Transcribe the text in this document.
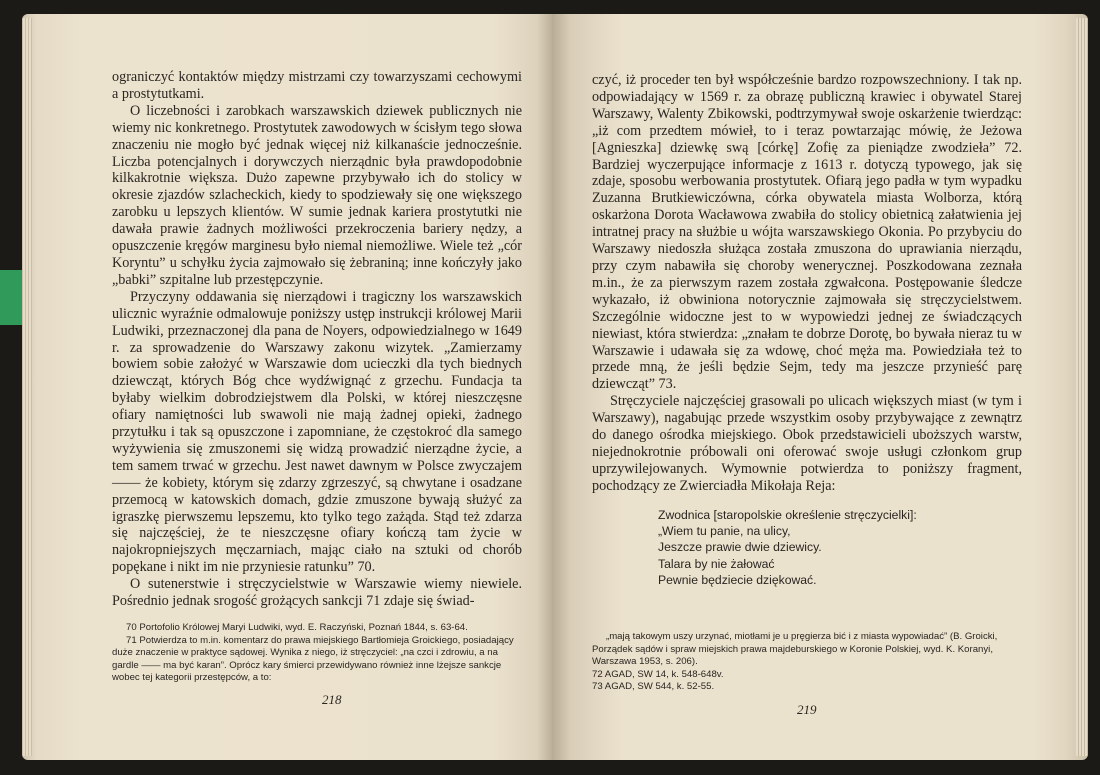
ograniczyć kontaktów między mistrzami czy towarzyszami cechowymi a prostytutkami.

O liczebności i zarobkach warszawskich dziewek publicznych nie wiemy nic konkretnego. Prostytutek zawodowych w ścisłym tego słowa znaczeniu nie mogło być jednak więcej niż kilkanaście jednocześnie. Liczba potencjalnych i dorywczych nierządnic była prawdopodobnie kilkakrotnie większa. Dużo zapewne przybywało ich do stolicy w okresie zjazdów szlacheckich, kiedy to spodziewały się one większego zarobku u lepszych klientów. W sumie jednak kariera prostytutki nie dawała prawie żadnych możliwości przekroczenia bariery nędzy, a opuszczenie kręgów marginesu było niemal niemożliwe. Wiele też „cór Koryntu” u schyłku życia zajmowało się żebraniną; inne kończyły jako „babki” szpitalne lub przestępczynie.

Przyczyny oddawania się nierządowi i tragiczny los warszawskich ulicznic wyraźnie odmalowuje poniższy ustęp instrukcji królowej Marii Ludwiki, przeznaczonej dla pana de Noyers, odpowiedzialnego w 1649 r. za sprowadzenie do Warszawy zakonu wizytek. „Zamierzamy bowiem sobie założyć w Warszawie dom ucieczki dla tych biednych dziewcząt, których Bóg chce wydźwignąć z grzechu. Fundacja ta byłaby wielkim dobrodziejstwem dla Polski, w której nieszczęsne ofiary namiętności lub swawoli nie mają żadnej opieki, żadnego przytułku i tak są opuszczone i zapomniane, że częstokroć dla samego wyżywienia się zmuszonemi się widzą prowadzić nierządne życie, a tem samem trwać w grzechu. Jest nawet dawnym w Polsce zwyczajem —— że kobiety, którym się zdarzy zgrzeszyć, są chwytane i osadzane przemocą w katowskich domach, gdzie zmuszone bywają służyć za igraszkę pierwszemu lepszemu, kto tylko tego zażąda. Stąd też zdarza się najczęściej, że te nieszczęsne ofiary kończą tam życie w najokropniejszych męczarniach, mając ciało na sztuki od chorób popękane i nikt im nie przyniesie ratunku” 70.

O sutenerstwie i stręczycielstwie w Warszawie wiemy niewiele. Pośrednio jednak srogość grożących sankcji 71 zdaje się świad-

70 Portofolio Królowej Maryi Ludwiki, wyd. E. Raczyński, Poznań 1844, s. 63-64.

71 Potwierdza to m.in. komentarz do prawa miejskiego Bartłomieja Groickiego, posiadający duże znaczenie w praktyce sądowej. Wynika z niego, iż stręczyciel: „na czci i zdrowiu, a na gardle —— ma być karan”. Oprócz kary śmierci przewidywano również inne lżejsze sankcje wobec tej kategorii przestępców, a to:

218

czyć, iż proceder ten był współcześnie bardzo rozpowszechniony. I tak np. odpowiadający w 1569 r. za obrazę publiczną krawiec i obywatel Starej Warszawy, Walenty Zbikowski, podtrzymywał swoje oskarżenie twierdząc: „iż com przedtem mówieł, to i teraz powtarzając mówię, że Jeżowa [Agnieszka] dziewkę swą [córkę] Zofię za pieniądze zwodzieła” 72. Bardziej wyczerpujące informacje z 1613 r. dotyczą typowego, jak się zdaje, sposobu werbowania prostytutek. Ofiarą jego padła w tym wypadku Zuzanna Brutkiewiczówna, córka obywatela miasta Wolborza, którą oskarżona Dorota Wacławowa zwabiła do stolicy obietnicą załatwienia jej intratnej pracy na służbie u wójta warszawskiego Okonia. Po przybyciu do Warszawy niedoszła służąca została zmuszona do uprawiania nierządu, przy czym nabawiła się choroby wenerycznej. Poszkodowana zeznała m.in., że za pierwszym razem została zgwałcona. Postępowanie śledcze wykazało, iż obwiniona notorycznie zajmowała się stręczycielstwem. Szczególnie widoczne jest to w wypowiedzi jednej ze świadczących niewiast, która stwierdza: „znałam te dobrze Dorotę, bo bywała nieraz tu w Warszawie i udawała się za wdowę, choć męża ma. Powiedziała też to przede mną, że jeśli będzie Sejm, tedy ma jeszcze przynieść parę dziewcząt” 73.

Stręczyciele najczęściej grasowali po ulicach większych miast (w tym i Warszawy), nagabując przede wszystkim osoby przybywające z zewnątrz do danego ośrodka miejskiego. Obok przedstawicieli uboższych warstw, niejednokrotnie próbowali oni oferować swoje usługi członkom grup uprzywilejowanych. Wymownie potwierdza to poniższy fragment, pochodzący ze Zwierciadła Mikołaja Reja:

Zwodnica [staropolskie określenie stręczycielki]:
„Wiem tu panie, na ulicy,
Jeszcze prawie dwie dziewicy.
Talara by nie żałować
Pewnie będziecie dziękować.

„mają takowym uszy urzynać, miotłami je u pręgierza bić i z miasta wypowiadać” (B. Groicki, Porządek sądów i spraw miejskich prawa majdeburskiego w Koronie Polskiej, wyd. K. Koranyi, Warszawa 1953, s. 206).

72 AGAD, SW 14, k. 548-648v.

73 AGAD, SW 544, k. 52-55.

219
